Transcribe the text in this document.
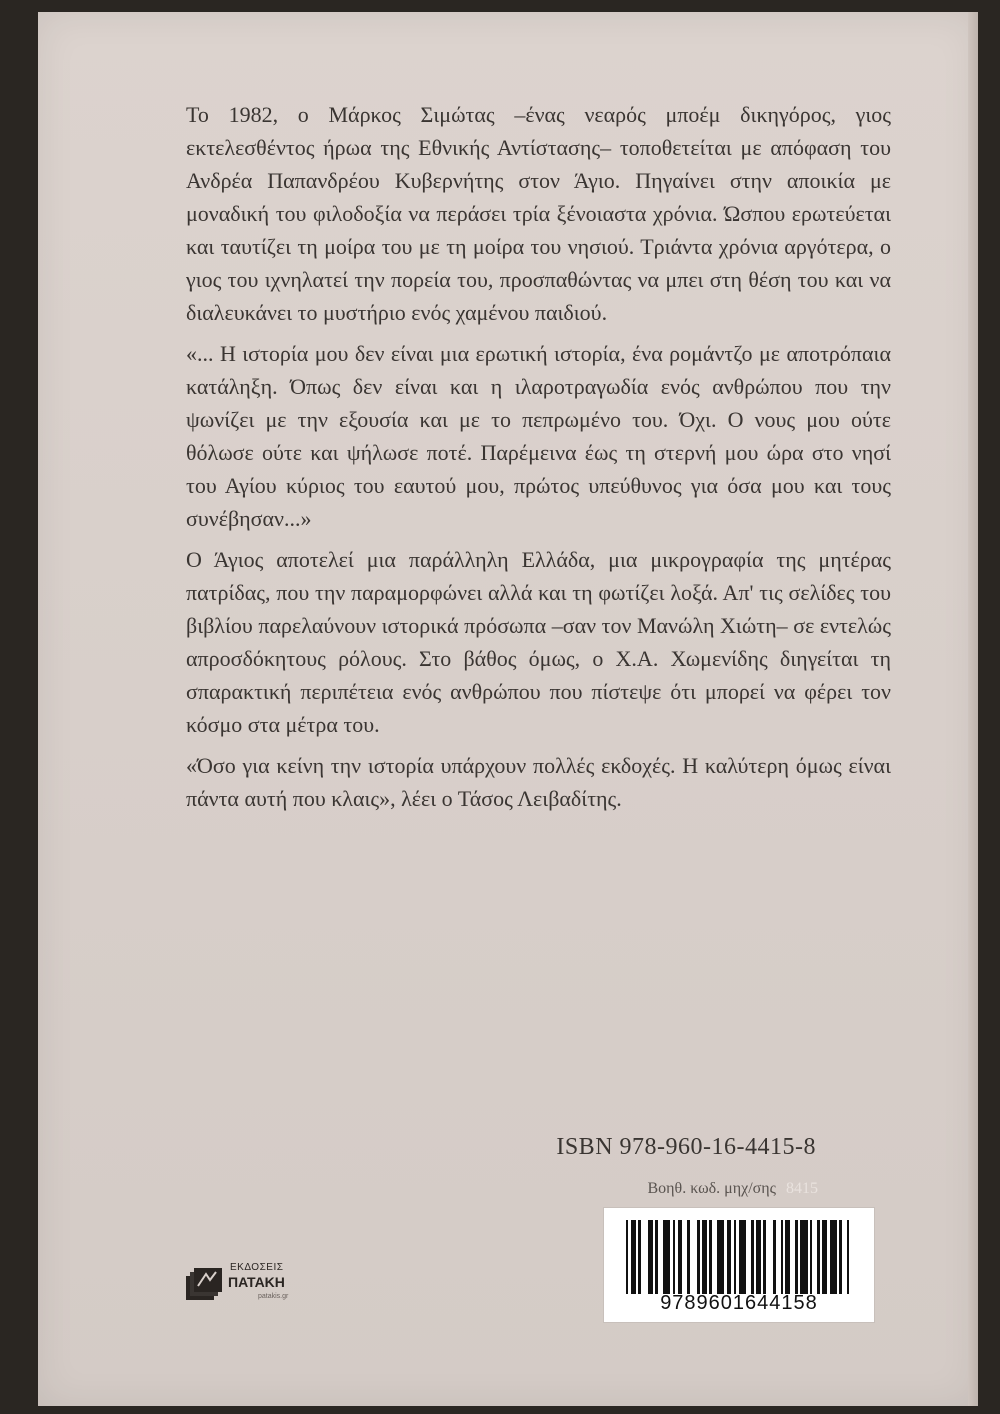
Το 1982, ο Μάρκος Σιμώτας –ένας νεαρός μποέμ δικηγόρος, γιος εκτελεσθέντος ήρωα της Εθνικής Αντίστασης– τοποθετείται με απόφαση του Ανδρέα Παπανδρέου Κυβερνήτης στον Άγιο. Πηγαίνει στην αποικία με μοναδική του φιλοδοξία να περάσει τρία ξένοιαστα χρόνια. Ώσπου ερωτεύεται και ταυτίζει τη μοίρα του με τη μοίρα του νησιού. Τριάντα χρόνια αργότερα, ο γιος του ιχνηλατεί την πορεία του, προσπαθώντας να μπει στη θέση του και να διαλευκάνει το μυστήριο ενός χαμένου παιδιού.

«... Η ιστορία μου δεν είναι μια ερωτική ιστορία, ένα ρομάντζο με αποτρόπαια κατάληξη. Όπως δεν είναι και η ιλαροτραγωδία ενός ανθρώπου που την ψωνίζει με την εξουσία και με το πεπρωμένο του. Όχι. Ο νους μου ούτε θόλωσε ούτε και ψήλωσε ποτέ. Παρέμεινα έως τη στερνή μου ώρα στο νησί του Αγίου κύριος του εαυτού μου, πρώτος υπεύθυνος για όσα μου και τους συνέβησαν...»

Ο Άγιος αποτελεί μια παράλληλη Ελλάδα, μια μικρογραφία της μητέρας πατρίδας, που την παραμορφώνει αλλά και τη φωτίζει λοξά. Απ' τις σελίδες του βιβλίου παρελαύνουν ιστορικά πρόσωπα –σαν τον Μανώλη Χιώτη– σε εντελώς απροσδόκητους ρόλους. Στο βάθος όμως, ο Χ.Α. Χωμενίδης διηγείται τη σπαρακτική περιπέτεια ενός ανθρώπου που πίστεψε ότι μπορεί να φέρει τον κόσμο στα μέτρα του.

«Όσο για κείνη την ιστορία υπάρχουν πολλές εκδοχές. Η καλύτερη όμως είναι πάντα αυτή που κλαις», λέει ο Τάσος Λειβαδίτης.

ISBN 978-960-16-4415-8
Βοηθ. κωδ. μηχ/σης 8415
9789601644158
ΕΚΔΟΣΕΙΣ
ΠΑΤΑΚΗ
patakis.gr
